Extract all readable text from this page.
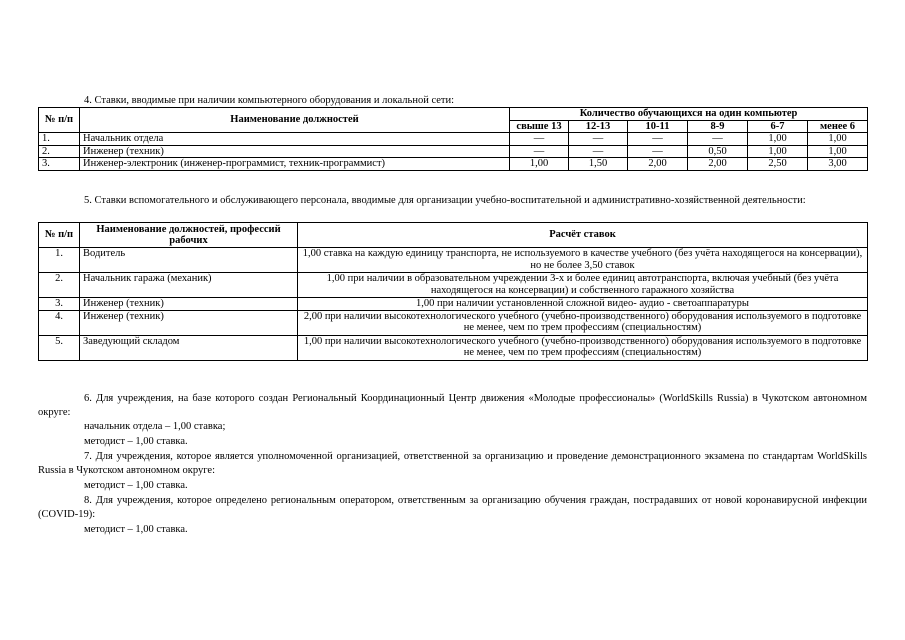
4. Ставки, вводимые при наличии компьютерного оборудования и локальной сети:
№ п/п	Наименование должностей	Количество обучающихся на один компьютер					
		свыше 13	12-13	10-11	8-9	6-7	менее 6
1.	Начальник отдела	—	—	—	—	1,00	1,00
2.	Инженер (техник)	—	—	—	0,50	1,00	1,00
3.	Инженер-электроник (инженер-программист, техник-программист)	1,00	1,50	2,00	2,00	2,50	3,00
5. Ставки вспомогательного и обслуживающего персонала, вводимые для организации учебно-воспитательной и административно-хозяйственной деятельности:
№ п/п	Наименование должностей, профессий рабочих	Расчёт ставок
1.	Водитель	1,00 ставка на каждую единицу транспорта, не используемого в качестве учебного (без учёта находящегося на консервации), но не более 3,50 ставок
2.	Начальник гаража (механик)	1,00 при наличии в образовательном учреждении 3-х и более единиц автотранспорта, включая учебный (без учёта находящегося на консервации) и собственного гаражного хозяйства
3.	Инженер (техник)	1,00 при наличии установленной сложной видео- аудио - светоаппаратуры
4.	Инженер (техник)	2,00 при наличии высокотехнологического учебного (учебно-производственного) оборудования используемого в подготовке не менее, чем по трем профессиям (специальностям)
5.	Заведующий складом	1,00 при наличии высокотехнологического учебного (учебно-производственного) оборудования используемого в подготовке не менее, чем по трем профессиям (специальностям)
6. Для учреждения, на базе которого создан Региональный Координационный Центр движения «Молодые профессионалы» (WorldSkills Russia) в Чукотском автономном округе:
начальник отдела – 1,00 ставка;
методист – 1,00 ставка.
7. Для учреждения, которое является уполномоченной организацией, ответственной за организацию и проведение демонстрационного экзамена по стандартам WorldSkills Russia в Чукотском автономном округе:
методист – 1,00 ставка.
8. Для учреждения, которое определено региональным оператором, ответственным за организацию обучения граждан, пострадавших от новой коронавирусной инфекции (COVID-19):
методист – 1,00 ставка.
